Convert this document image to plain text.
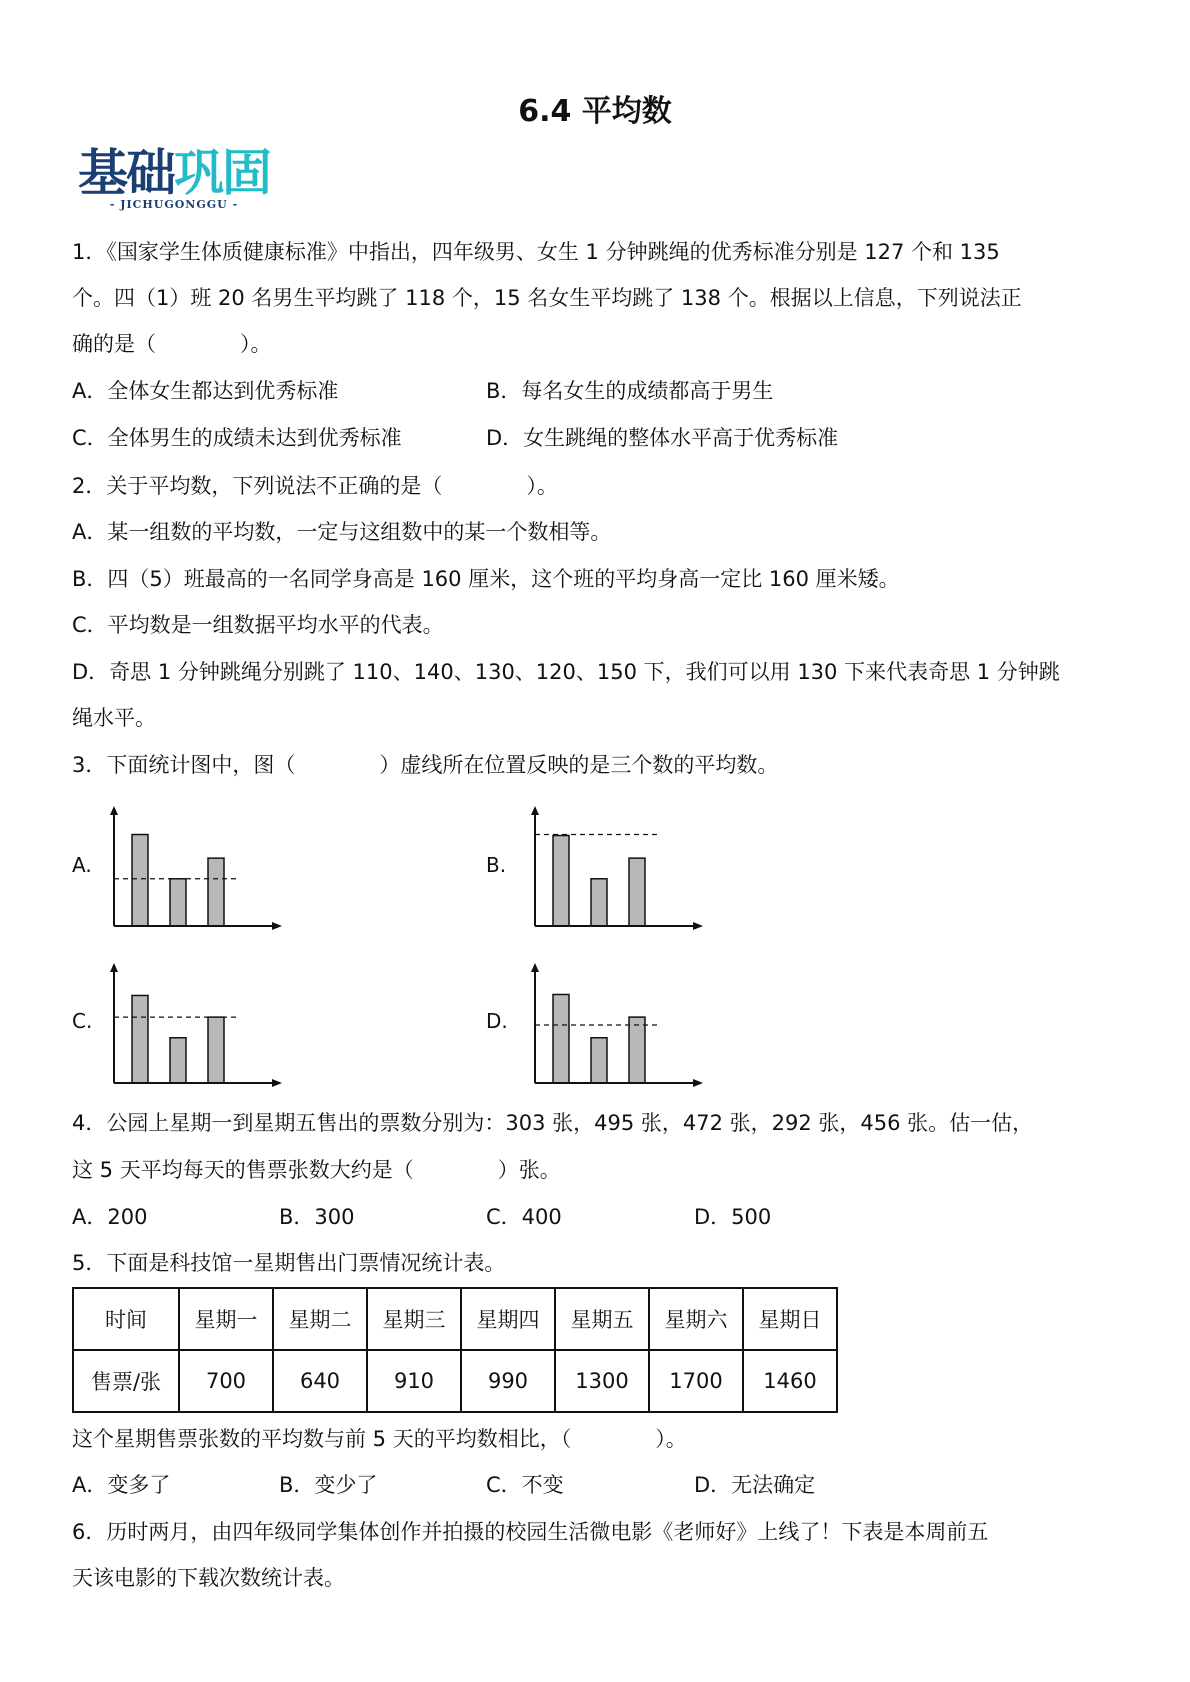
6.4 平均数
基础巩固
- JICHUGONGGU -
1．《国家学生体质健康标准》中指出，四年级男、女生 1 分钟跳绳的优秀标准分别是 127 个和 135
个。四（1）班 20 名男生平均跳了 118 个，15 名女生平均跳了 138 个。根据以上信息，下列说法正
确的是（　　　　）。
A．全体女生都达到优秀标准	B．每名女生的成绩都高于男生
C．全体男生的成绩未达到优秀标准	D．女生跳绳的整体水平高于优秀标准
2．关于平均数，下列说法不正确的是（　　　　）。
A．某一组数的平均数，一定与这组数中的某一个数相等。
B．四（5）班最高的一名同学身高是 160 厘米，这个班的平均身高一定比 160 厘米矮。
C．平均数是一组数据平均水平的代表。
D．奇思 1 分钟跳绳分别跳了 110、140、130、120、150 下，我们可以用 130 下来代表奇思 1 分钟跳
绳水平。
3．下面统计图中，图（　　　　）虚线所在位置反映的是三个数的平均数。
A.	B.
C.	D.
4．公园上星期一到星期五售出的票数分别为：303 张，495 张，472 张，292 张，456 张。估一估，
这 5 天平均每天的售票张数大约是（　　　　）张。
A．200	B．300	C．400	D．500
5．下面是科技馆一星期售出门票情况统计表。
时间	星期一	星期二	星期三	星期四	星期五	星期六	星期日
售票/张	700	640	910	990	1300	1700	1460
这个星期售票张数的平均数与前 5 天的平均数相比，（　　　　）。
A．变多了	B．变少了	C．不变	D．无法确定
6．历时两月，由四年级同学集体创作并拍摄的校园生活微电影《老师好》上线了！下表是本周前五
天该电影的下载次数统计表。
